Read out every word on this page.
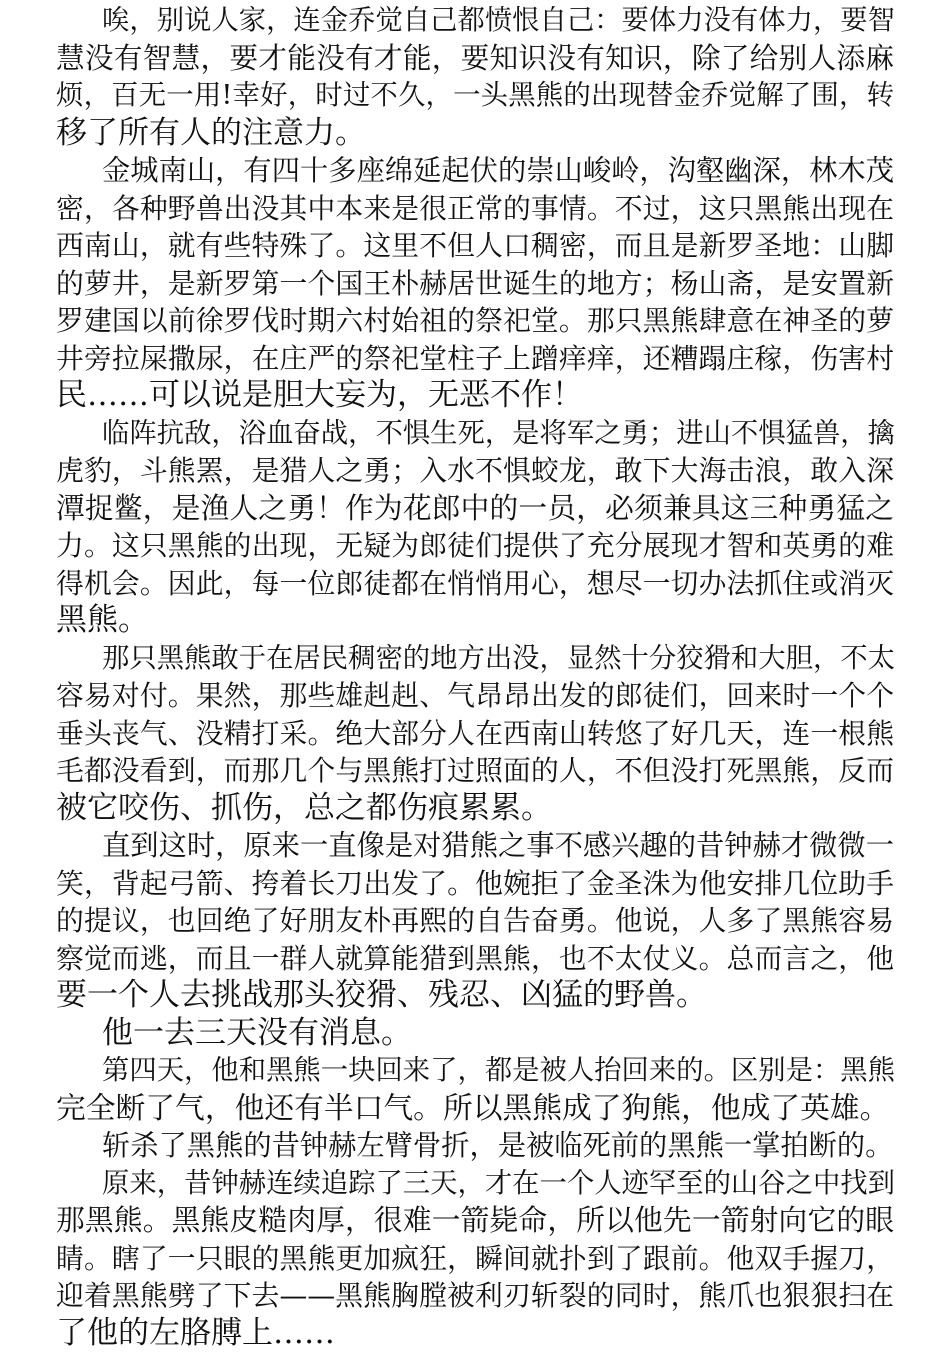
唉，别说人家，连金乔觉自己都愤恨自己：要体力没有体力，要智
慧没有智慧，要才能没有才能，要知识没有知识，除了给别人添麻
烦，百无一用!幸好，时过不久，一头黑熊的出现替金乔觉解了围，转
移了所有人的注意力。
金城南山，有四十多座绵延起伏的崇山峻岭，沟壑幽深，林木茂
密，各种野兽出没其中本来是很正常的事情。不过，这只黑熊出现在
西南山，就有些特殊了。这里不但人口稠密，而且是新罗圣地：山脚
的萝井，是新罗第一个国王朴赫居世诞生的地方；杨山斋，是安置新
罗建国以前徐罗伐时期六村始祖的祭祀堂。那只黑熊肆意在神圣的萝
井旁拉屎撒尿，在庄严的祭祀堂柱子上蹭痒痒，还糟蹋庄稼，伤害村
民……可以说是胆大妄为，无恶不作！
临阵抗敌，浴血奋战，不惧生死，是将军之勇；进山不惧猛兽，擒
虎豹，斗熊罴，是猎人之勇；入水不惧蛟龙，敢下大海击浪，敢入深
潭捉鳖，是渔人之勇！作为花郎中的一员，必须兼具这三种勇猛之
力。这只黑熊的出现，无疑为郎徒们提供了充分展现才智和英勇的难
得机会。因此，每一位郎徒都在悄悄用心，想尽一切办法抓住或消灭
黑熊。
那只黑熊敢于在居民稠密的地方出没，显然十分狡猾和大胆，不太
容易对付。果然，那些雄赳赳、气昂昂出发的郎徒们，回来时一个个
垂头丧气、没精打采。绝大部分人在西南山转悠了好几天，连一根熊
毛都没看到，而那几个与黑熊打过照面的人，不但没打死黑熊，反而
被它咬伤、抓伤，总之都伤痕累累。
直到这时，原来一直像是对猎熊之事不感兴趣的昔钟赫才微微一
笑，背起弓箭、挎着长刀出发了。他婉拒了金圣洙为他安排几位助手
的提议，也回绝了好朋友朴再熙的自告奋勇。他说，人多了黑熊容易
察觉而逃，而且一群人就算能猎到黑熊，也不太仗义。总而言之，他
要一个人去挑战那头狡猾、残忍、凶猛的野兽。
他一去三天没有消息。
第四天，他和黑熊一块回来了，都是被人抬回来的。区别是：黑熊
完全断了气，他还有半口气。所以黑熊成了狗熊，他成了英雄。
斩杀了黑熊的昔钟赫左臂骨折，是被临死前的黑熊一掌拍断的。
原来，昔钟赫连续追踪了三天，才在一个人迹罕至的山谷之中找到
那黑熊。黑熊皮糙肉厚，很难一箭毙命，所以他先一箭射向它的眼
睛。瞎了一只眼的黑熊更加疯狂，瞬间就扑到了跟前。他双手握刀，
迎着黑熊劈了下去——黑熊胸膛被利刃斩裂的同时，熊爪也狠狠扫在
了他的左胳膊上……
